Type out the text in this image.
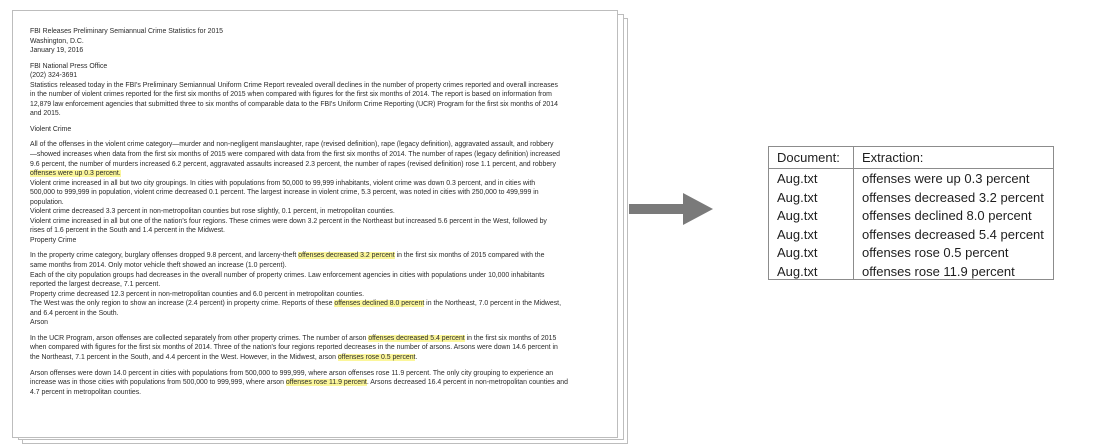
FBI Releases Preliminary Semiannual Crime Statistics for 2015
Washington, D.C.
January 19, 2016
FBI National Press Office
(202) 324-3691
Statistics released today in the FBI's Preliminary Semiannual Uniform Crime Report revealed overall declines in the number of property crimes reported and overall increases
in the number of violent crimes reported for the first six months of 2015 when compared with figures for the first six months of 2014. The report is based on information from
12,879 law enforcement agencies that submitted three to six months of comparable data to the FBI's Uniform Crime Reporting (UCR) Program for the first six months of 2014
and 2015.
Violent Crime
All of the offenses in the violent crime category—murder and non-negligent manslaughter, rape (revised definition), rape (legacy definition), aggravated assault, and robbery
—showed increases when data from the first six months of 2015 were compared with data from the first six months of 2014. The number of rapes (legacy definition) increased
9.6 percent, the number of murders increased 6.2 percent, aggravated assaults increased 2.3 percent, the number of rapes (revised definition) rose 1.1 percent, and robbery
offenses were up 0.3 percent.
Violent crime increased in all but two city groupings. In cities with populations from 50,000 to 99,999 inhabitants, violent crime was down 0.3 percent, and in cities with
500,000 to 999,999 in population, violent crime decreased 0.1 percent. The largest increase in violent crime, 5.3 percent, was noted in cities with 250,000 to 499,999 in
population.
Violent crime decreased 3.3 percent in non-metropolitan counties but rose slightly, 0.1 percent, in metropolitan counties.
Violent crime increased in all but one of the nation's four regions. These crimes were down 3.2 percent in the Northeast but increased 5.6 percent in the West, followed by
rises of 1.6 percent in the South and 1.4 percent in the Midwest.
Property Crime
In the property crime category, burglary offenses dropped 9.8 percent, and larceny-theft offenses decreased 3.2 percent in the first six months of 2015 compared with the
same months from 2014. Only motor vehicle theft showed an increase (1.0 percent).
Each of the city population groups had decreases in the overall number of property crimes. Law enforcement agencies in cities with populations under 10,000 inhabitants
reported the largest decrease, 7.1 percent.
Property crime decreased 12.3 percent in non-metropolitan counties and 6.0 percent in metropolitan counties.
The West was the only region to show an increase (2.4 percent) in property crime. Reports of these offenses declined 8.0 percent in the Northeast, 7.0 percent in the Midwest,
and 6.4 percent in the South.
Arson
In the UCR Program, arson offenses are collected separately from other property crimes. The number of arson offenses decreased 5.4 percent in the first six months of 2015
when compared with figures for the first six months of 2014. Three of the nation's four regions reported decreases in the number of arsons. Arsons were down 14.6 percent in
the Northeast, 7.1 percent in the South, and 4.4 percent in the West. However, in the Midwest, arson offenses rose 0.5 percent.
Arson offenses were down 14.0 percent in cities with populations from 500,000 to 999,999, where arson offenses rose 11.9 percent. The only city grouping to experience an
increase was in those cities with populations from 500,000 to 999,999, where arson offenses rose 11.9 percent. Arsons decreased 16.4 percent in non-metropolitan counties and
4.7 percent in metropolitan counties.
Document: Extraction:
Aug.txt	offenses were up 0.3 percent
Aug.txt	offenses decreased 3.2 percent
Aug.txt	offenses declined 8.0 percent
Aug.txt	offenses decreased 5.4 percent
Aug.txt	offenses rose 0.5 percent
Aug.txt	offenses rose 11.9 percent
